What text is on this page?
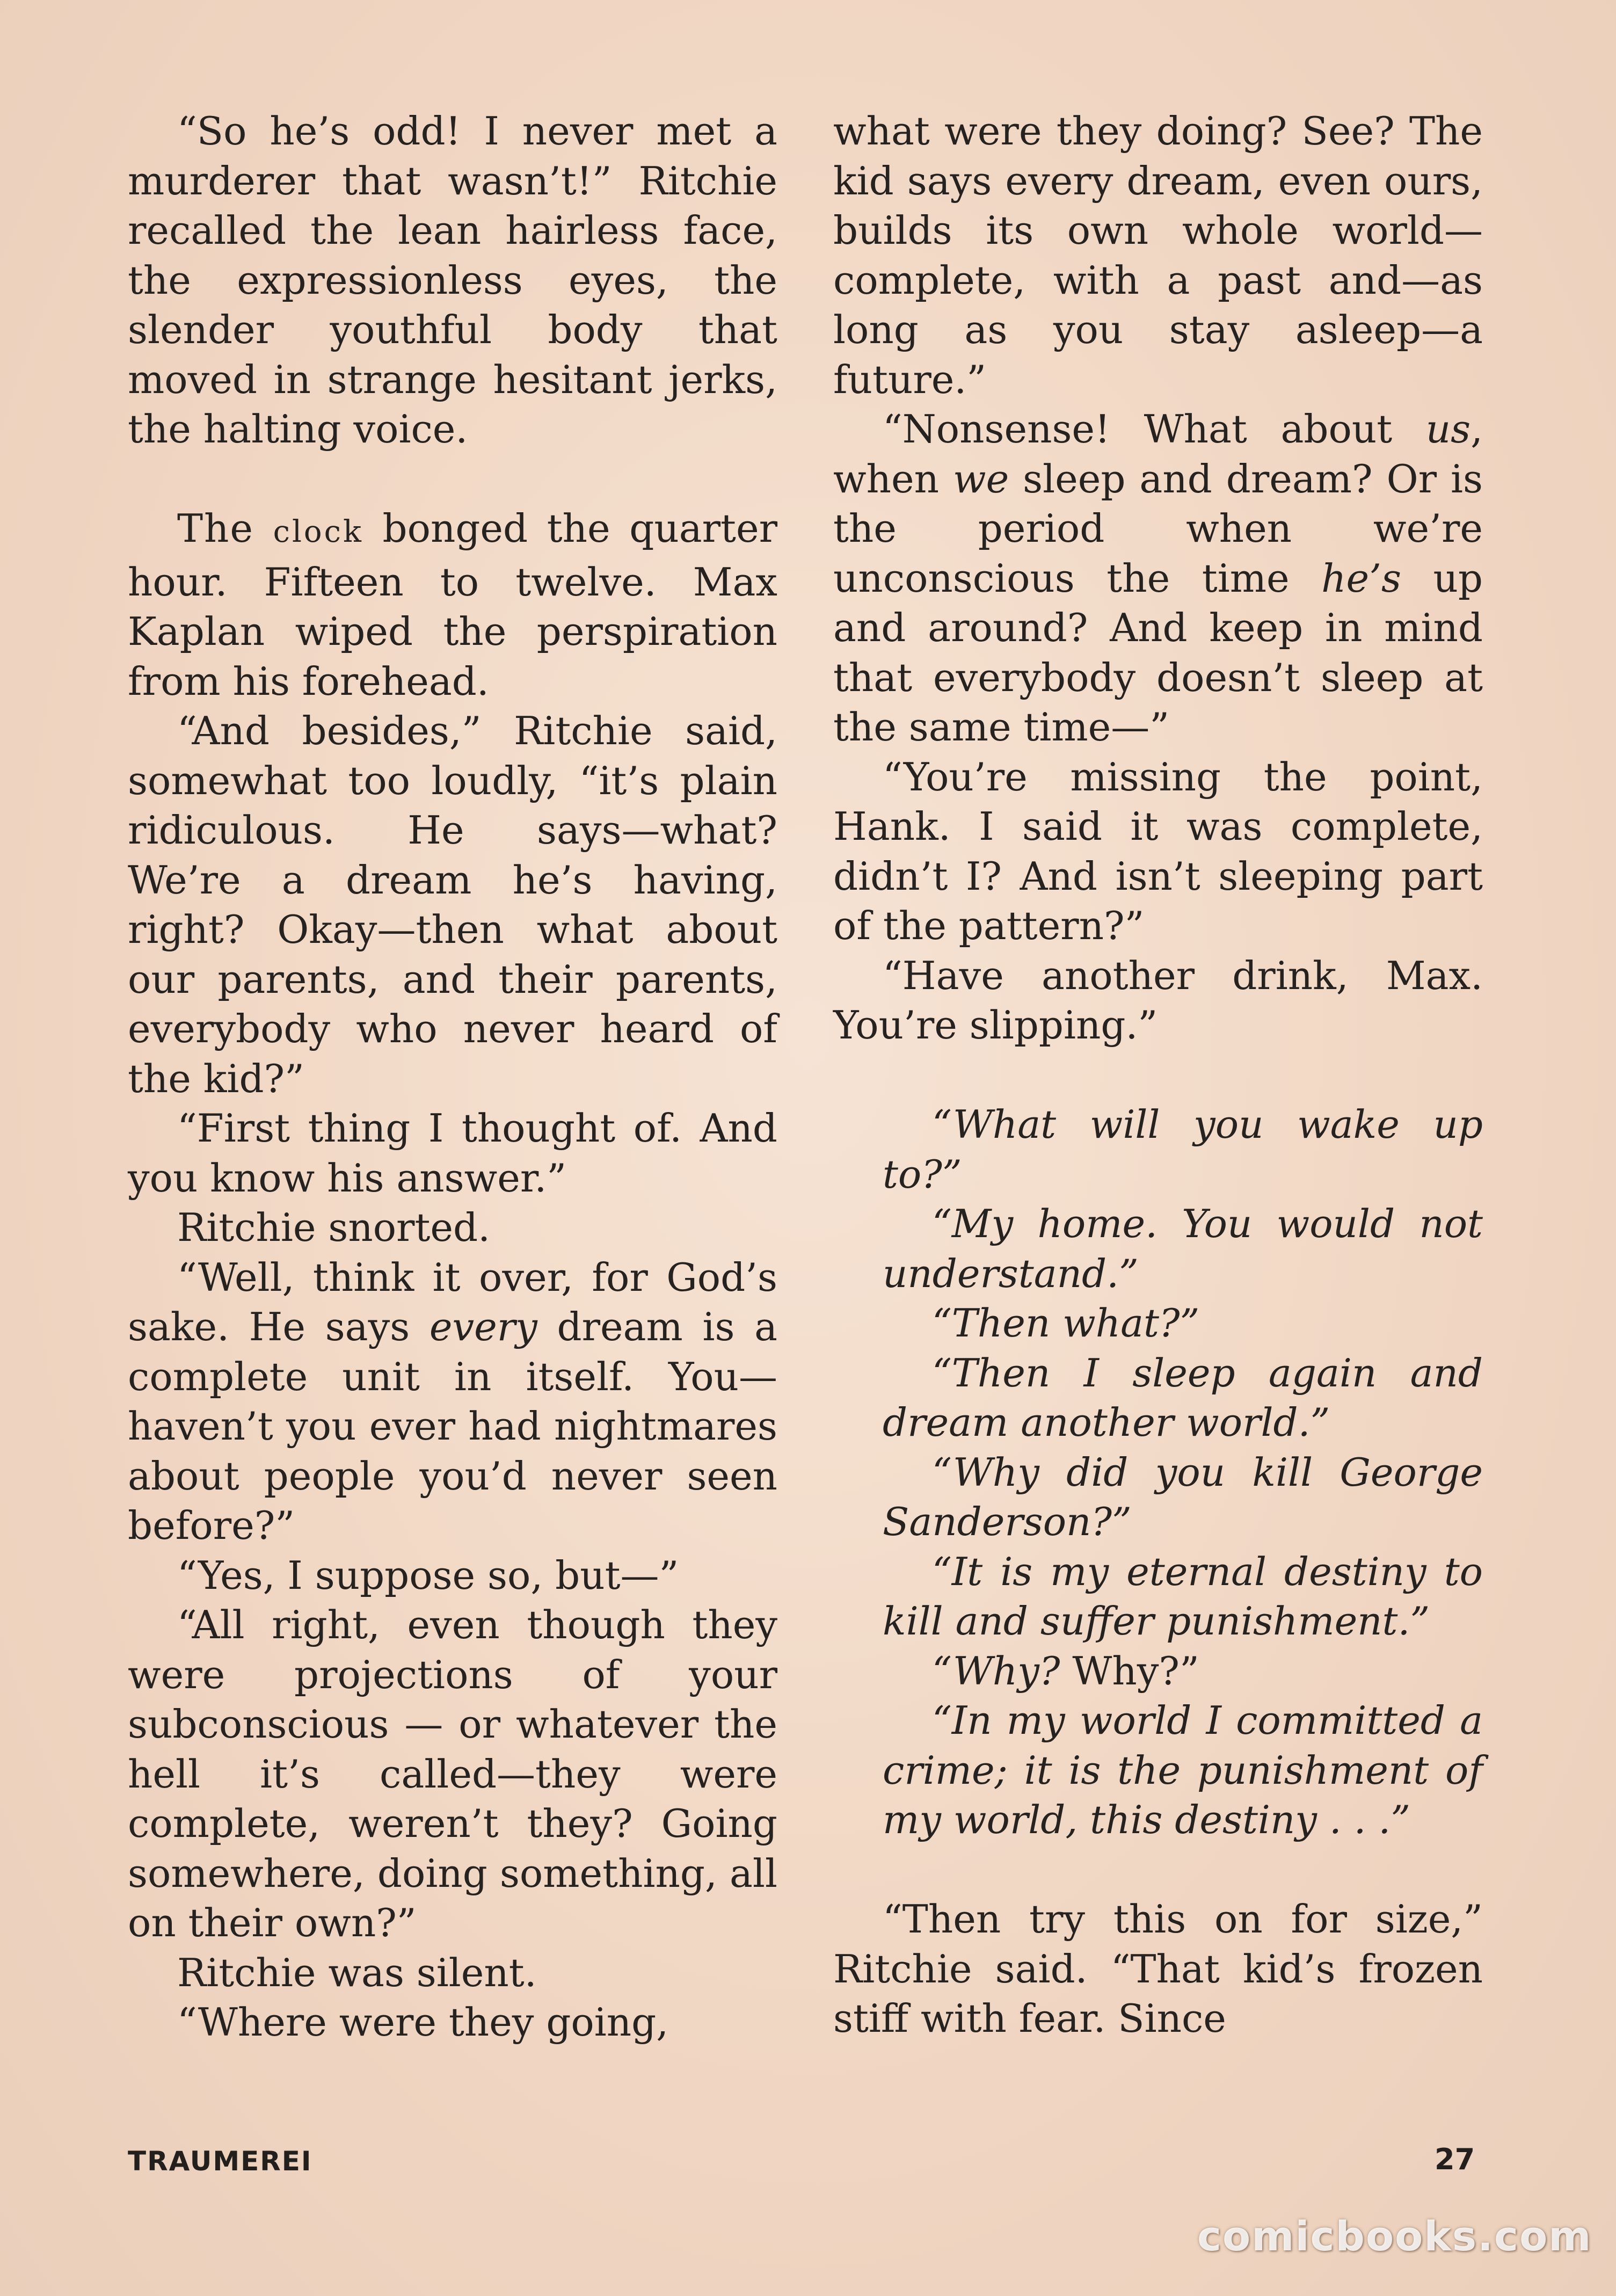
“So he’s odd! I never met a murderer that wasn’t!” Ritchie recalled the lean hairless face, the expressionless eyes, the slender youthful body that moved in strange hesitant jerks, the halting voice.

The clock bonged the quarter hour. Fifteen to twelve. Max Kaplan wiped the perspiration from his forehead.

“And besides,” Ritchie said, somewhat too loudly, “it’s plain ridiculous. He says—what? We’re a dream he’s having, right? Okay—then what about our parents, and their parents, everybody who never heard of the kid?”

“First thing I thought of. And you know his answer.”

Ritchie snorted.

“Well, think it over, for God’s sake. He says every dream is a complete unit in itself. You—haven’t you ever had nightmares about people you’d never seen before?”

“Yes, I suppose so, but—”

“All right, even though they were projections of your subconscious — or whatever the hell it’s called—they were complete, weren’t they? Going somewhere, doing something, all on their own?”

Ritchie was silent.

“Where were they going,

what were they doing? See? The kid says every dream, even ours, builds its own whole world—complete, with a past and—as long as you stay asleep—a future.”

“Nonsense! What about us, when we sleep and dream? Or is the period when we’re unconscious the time he’s up and around? And keep in mind that everybody doesn’t sleep at the same time—”

“You’re missing the point, Hank. I said it was complete, didn’t I? And isn’t sleeping part of the pattern?”

“Have another drink, Max. You’re slipping.”

“What will you wake up to?”

“My home. You would not understand.”

“Then what?”

“Then I sleep again and dream another world.”

“Why did you kill George Sanderson?”

“It is my eternal destiny to kill and suffer punishment.”

“Why? Why?”

“In my world I committed a crime; it is the punishment of my world, this destiny . . .”

“Then try this on for size,” Ritchie said. “That kid’s frozen stiff with fear. Since

TRAUMEREI	27
comicbooks.com
